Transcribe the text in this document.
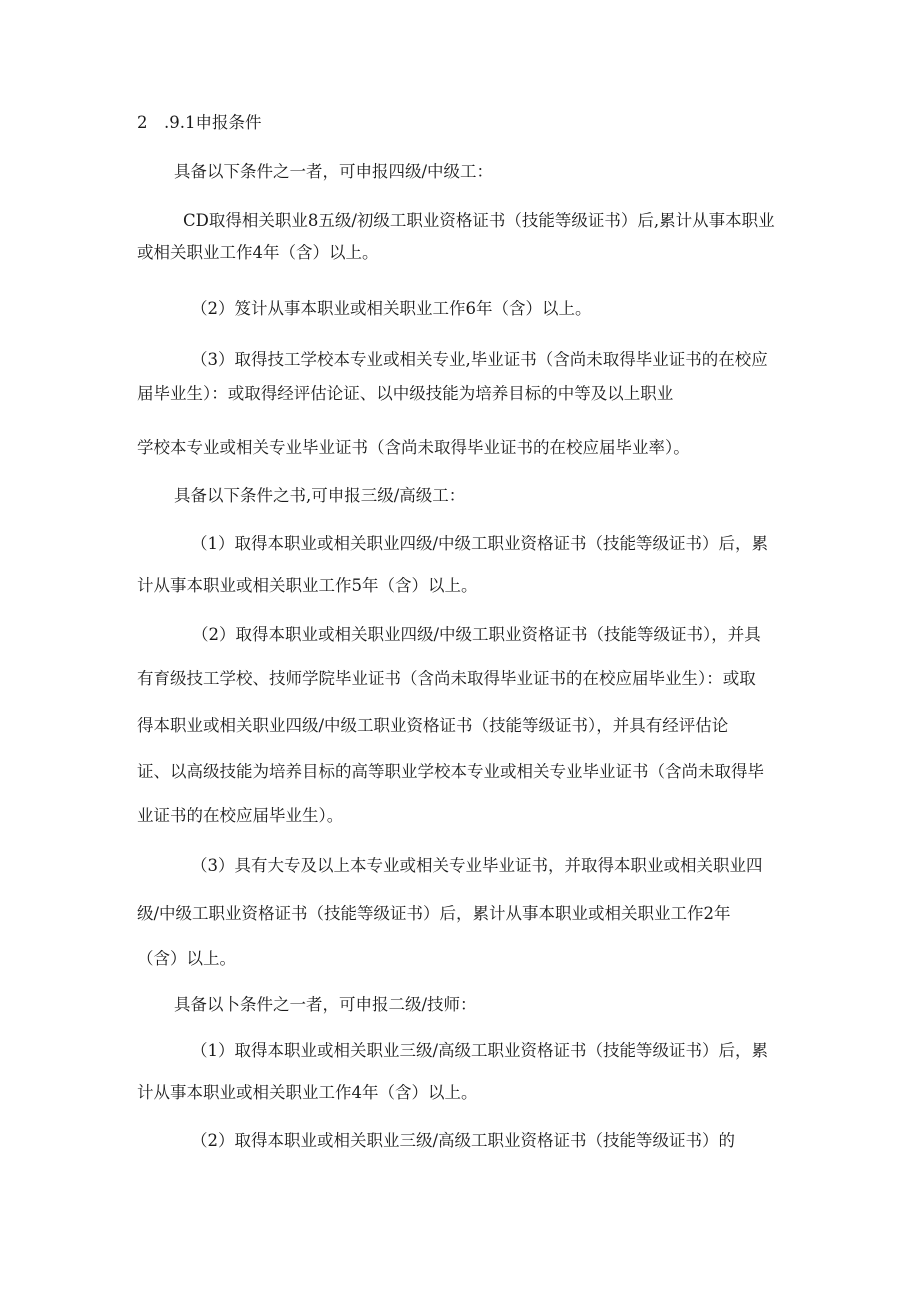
2　.9.1申报条件
具备以下条件之一者，可申报四级/中级工：
CD取得相关职业8五级/初级工职业资格证书（技能等级证书）后,累计从事本职业
或相关职业工作4年（含）以上。
（2）笈计从事本职业或相关职业工作6年（含）以上。
（3）取得技工学校本专业或相关专业,毕业证书（含尚未取得毕业证书的在校应
届毕业生）：或取得经评估论证、以中级技能为培养目标的中等及以上职业
学校本专业或相关专业毕业证书（含尚未取得毕业证书的在校应届毕业率）。
具备以下条件之书,可申报三级/高级工：
（1）取得本职业或相关职业四级/中级工职业资格证书（技能等级证书）后，累
计从事本职业或相关职业工作5年（含）以上。
（2）取得本职业或相关职业四级/中级工职业资格证书（技能等级证书），并具
有育级技工学校、技师学院毕业证书（含尚未取得毕业证书的在校应届毕业生）：或取
得本职业或相关职业四级/中级工职业资格证书（技能等级证书），并具有经评估论
证、以高级技能为培养目标的高等职业学校本专业或相关专业毕业证书（含尚未取得毕
业证书的在校应届毕业生）。
（3）具有大专及以上本专业或相关专业毕业证书，并取得本职业或相关职业四
级/中级工职业资格证书（技能等级证书）后，累计从事本职业或相关职业工作2年
（含）以上。
具备以卜条件之一者，可申报二级/技师：
（1）取得本职业或相关职业三级/高级工职业资格证书（技能等级证书）后，累
计从事本职业或相关职业工作4年（含）以上。
（2）取得本职业或相关职业三级/高级工职业资格证书（技能等级证书）的
